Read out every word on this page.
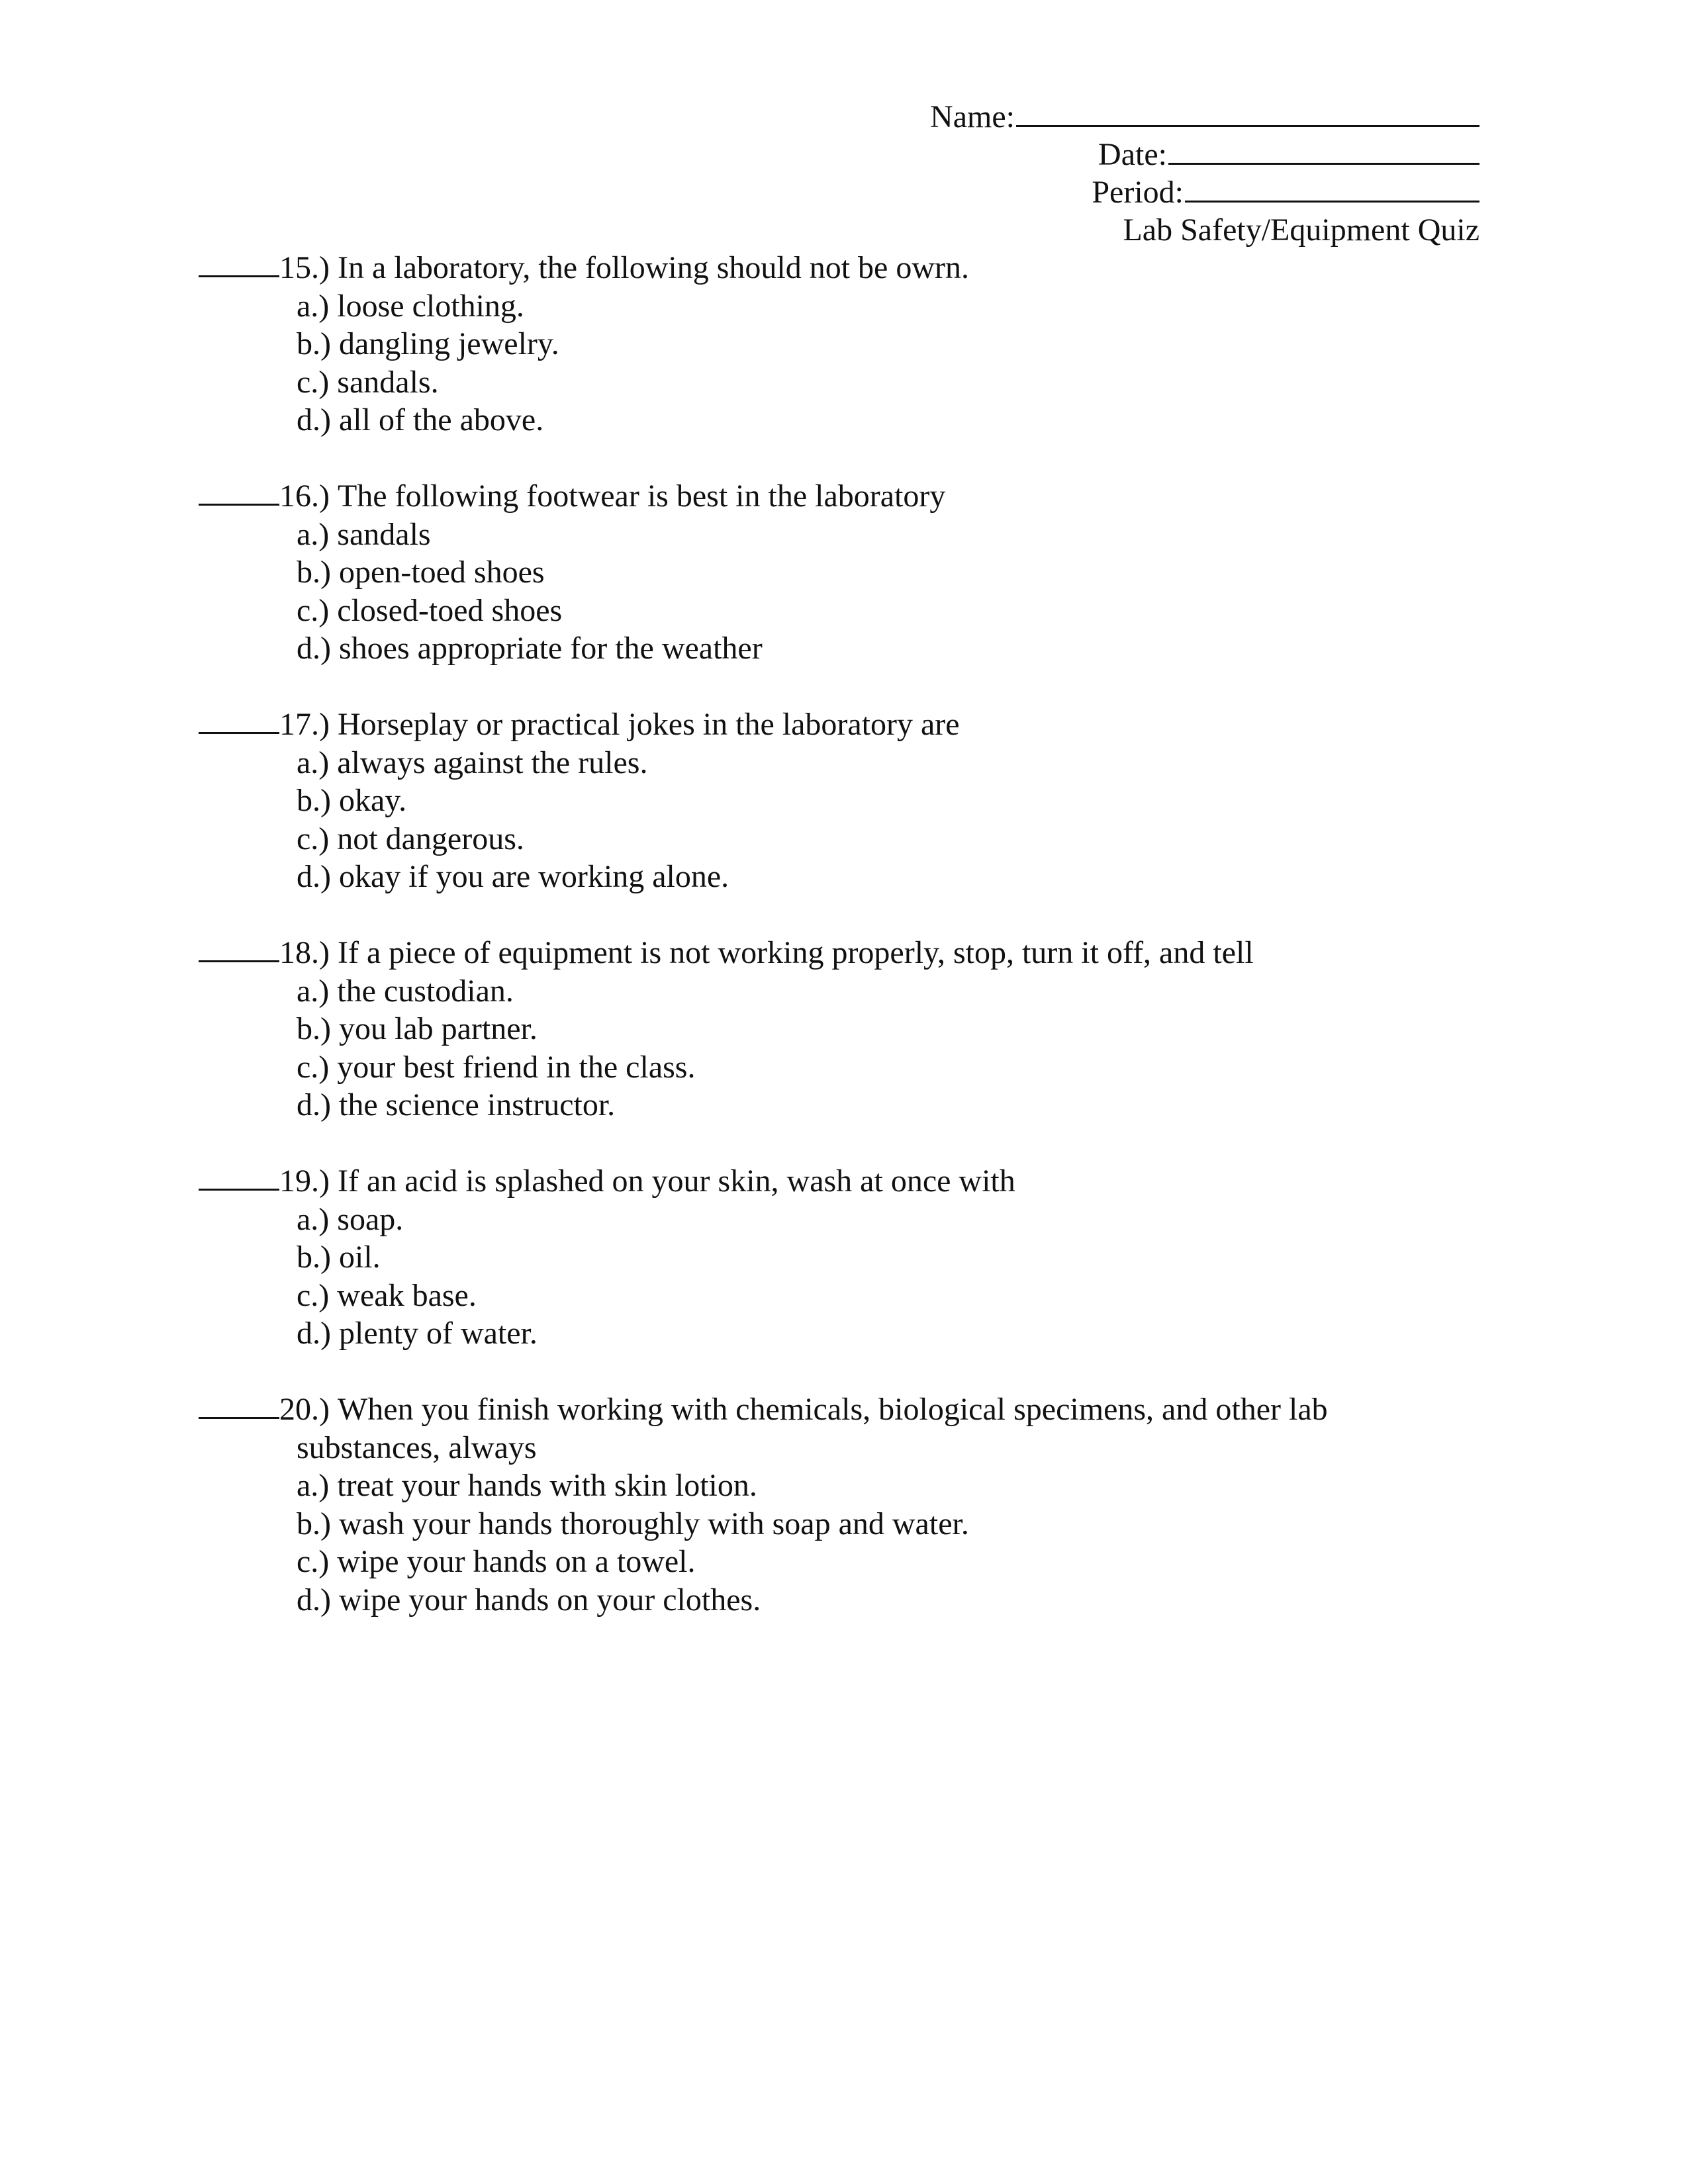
Name:
Date:
Period:
Lab Safety/Equipment Quiz
15.)
In a laboratory, the following should not be owrn.
a.) loose clothing.
b.) dangling jewelry.
c.) sandals.
d.) all of the above.
16.)
The following footwear is best in the laboratory
a.) sandals
b.) open-toed shoes
c.) closed-toed shoes
d.) shoes appropriate for the weather
17.)
Horseplay or practical jokes in the laboratory are
a.) always against the rules.
b.) okay.
c.) not dangerous.
d.) okay if you are working alone.
18.)
If a piece of equipment is not working properly, stop, turn it off, and tell
a.) the custodian.
b.) you lab partner.
c.) your best friend in the class.
d.) the science instructor.
19.)
If an acid is splashed on your skin, wash at once with
a.) soap.
b.) oil.
c.) weak base.
d.) plenty of water.
20.)
When you finish working with chemicals, biological specimens, and other lab
substances, always
a.) treat your hands with skin lotion.
b.) wash your hands thoroughly with soap and water.
c.) wipe your hands on a towel.
d.) wipe your hands on your clothes.
